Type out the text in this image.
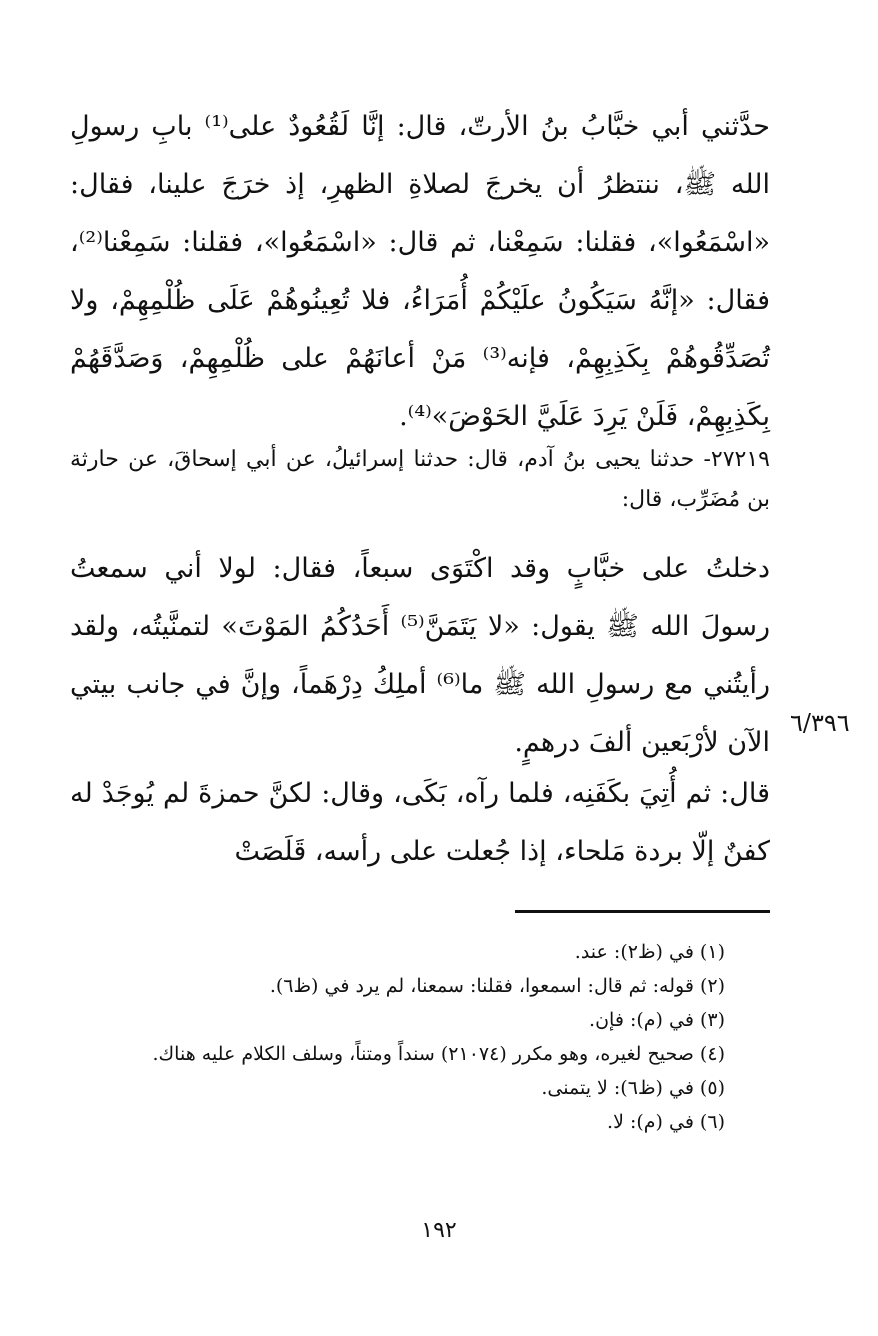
حدَّثني أبي خبَّابُ بنُ الأرتّ، قال: إنَّا لَقُعُودٌ على⁽¹⁾ بابِ رسولِ الله ﷺ، ننتظرُ أن يخرجَ لصلاةِ الظهرِ، إذ خرَجَ علينا، فقال: «اسْمَعُوا»، فقلنا: سَمِعْنا، ثم قال: «اسْمَعُوا»، فقلنا: سَمِعْنا⁽²⁾، فقال: «إنَّهُ سَيَكُونُ علَيْكُمْ أُمَرَاءُ، فلا تُعِينُوهُمْ عَلَى ظُلْمِهِمْ، ولا تُصَدِّقُوهُمْ بِكَذِبِهِمْ، فإنه⁽³⁾ مَنْ أعانَهُمْ على ظُلْمِهِمْ، وَصَدَّقَهُمْ بِكَذِبِهِمْ، فَلَنْ يَرِدَ عَلَيَّ الحَوْضَ»⁽⁴⁾.

٢٧٢١٩- حدثنا يحيى بنُ آدم، قال: حدثنا إسرائيلُ، عن أبي إسحاقَ، عن حارثة بن مُضَرِّب، قال:

دخلتُ على خبَّابٍ وقد اكْتَوَى سبعاً، فقال: لولا أني سمعتُ رسولَ الله ﷺ يقول: «لا يَتَمَنَّ⁽⁵⁾ أَحَدُكُمُ المَوْتَ» لتمنَّيتُه، ولقد رأيتُني مع رسولِ الله ﷺ ما⁽⁶⁾ أملِكُ دِرْهَماً، وإنَّ في جانب بيتي الآن لأرْبَعين ألفَ درهمٍ.

قال: ثم أُتِيَ بكَفَنِه، فلما رآه، بَكَى، وقال: لكنَّ حمزةَ لم يُوجَدْ له كفنٌ إلّا بردة مَلحاء، إذا جُعلت على رأسه، قَلَصَتْ

٦/٣٩٦

(١) في (ظ٢): عند.

(٢) قوله: ثم قال: اسمعوا، فقلنا: سمعنا، لم يرد في (ظ٦).

(٣) في (م): فإن.

(٤) صحيح لغيره، وهو مكرر (٢١٠٧٤) سنداً ومتناً، وسلف الكلام عليه هناك.

(٥) في (ظ٦): لا يتمنى.

(٦) في (م): لا.

١٩٢
